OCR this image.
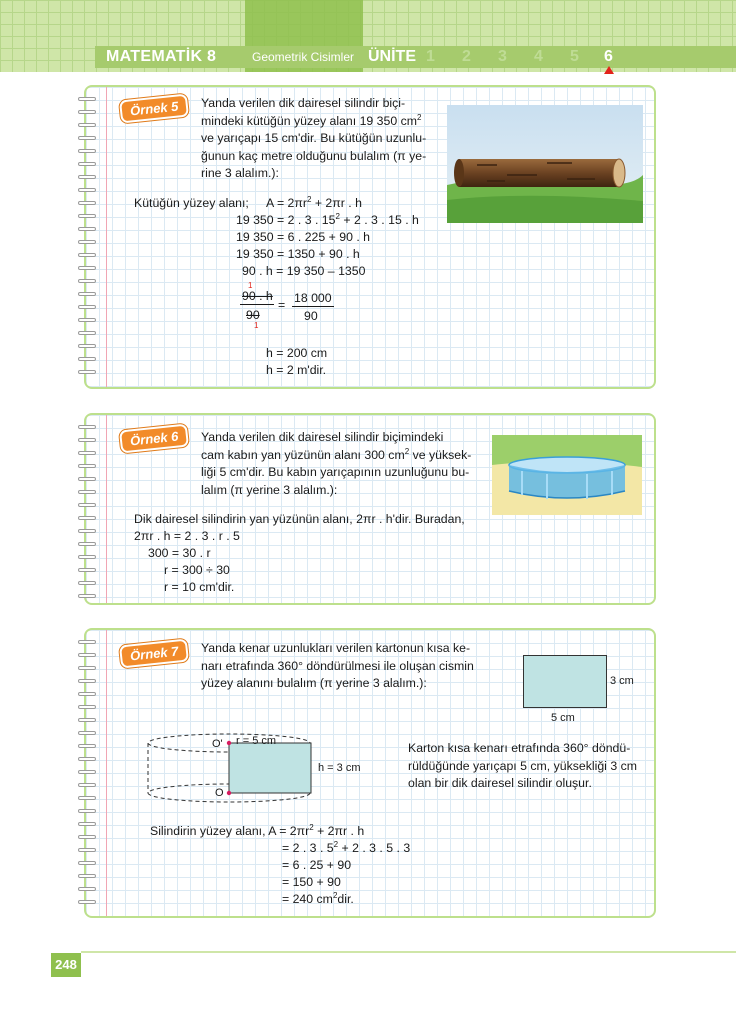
MATEMATİK 8	Geometrik Cisimler ÜNİTE 1 2 3 4 5 6
Örnek 5	Yanda verilen dik dairesel silindir biçi-
mindeki kütüğün yüzey alanı 19 350 $cm^2$
ve yarıçapı 15 cm'dir. Bu kütüğün uzunlu-
ğunun kaç metre olduğunu bulalım (π ye-
rine 3 alalım.):
Kütüğün yüzey alanı; $A = 2\pi r^2 + 2\pi r$ . h
19 350 = 2 . 3 . $15^2 + 2$ . 3 . 15 . h
19 350 = 6 . 225 + 90 . h
19 350 = 1350 + 90 . h
90 . h = 19 350 – 1350
1
90 . h
90
1
= 18 000
90
h = 200 cm
h = 2 m'dir.
Örnek 6	Yanda verilen dik dairesel silindir biçimindeki
cam kabın yan yüzünün alanı 300 $cm^2$ ve yüksek-
liği 5 cm'dir. Bu kabın yarıçapının uzunluğunu bu-
lalım (π yerine 3 alalım.):
Dik dairesel silindirin yan yüzünün alanı, 2πr . h'dir. Buradan,
2πr . h = 2 . 3 . r . 5
300 = 30 . r
r = 300 ÷ 30
r = 10 cm'dir.
Örnek 7	Yanda kenar uzunlukları verilen kartonun kısa ke-
narı etrafında 360° döndürülmesi ile oluşan cismin
yüzey alanını bulalım (π yerine 3 alalım.):	3 cm
5 cm
O'
O
r = 5 cm
h = 3 cm
Karton kısa kenarı etrafında 360° döndü-
rüldüğünde yarıçapı 5 cm, yüksekliği 3 cm
olan bir dik dairesel silindir oluşur.
Silindirin yüzey alanı, $A = 2\pi r^2 + 2\pi r$ . h
= 2 . 3 . $5^2 + 2$ . 3 . 5 . 3
= 6 . 25 + 90
= 150 + 90
= 240 $cm^2dir$.
248
